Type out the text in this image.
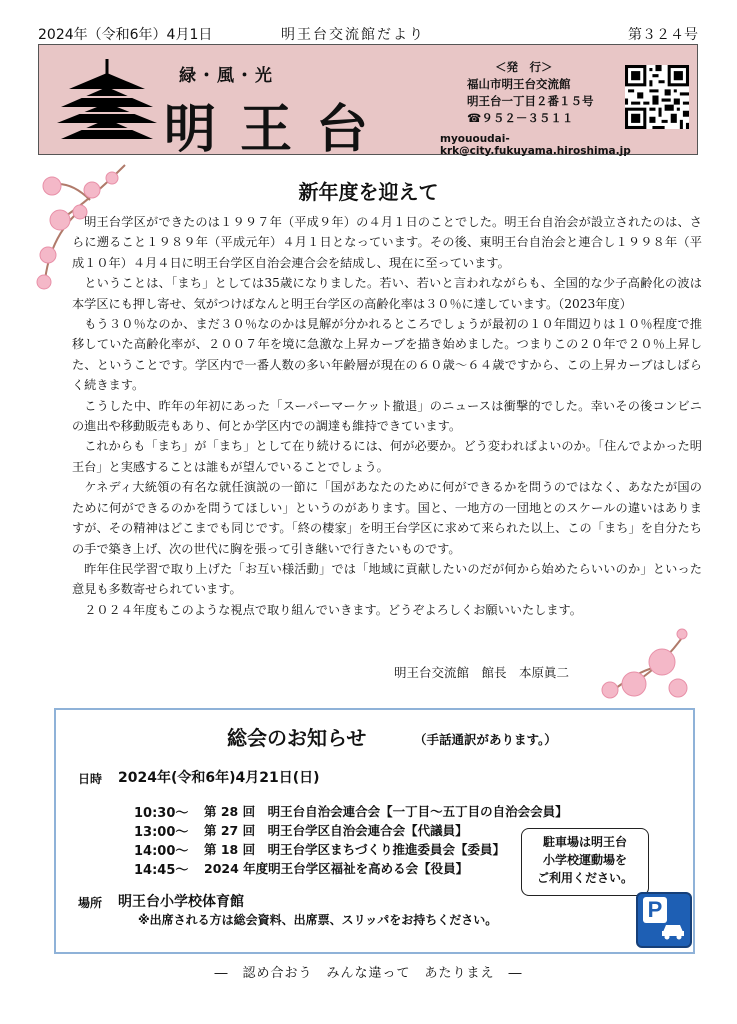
2024年（令和6年）4月1日	明王台交流館だより	第３２４号
緑・風・光
明王台
＜発　行＞
福山市明王台交流館
明王台一丁目２番１５号
☎９５２－３５１１
myououdai-krk@city.fukuyama.hiroshima.jp
新年度を迎えて

明王台学区ができたのは１９９７年（平成９年）の４月１日のことでした。明王台自治会が設立されたのは、さらに遡ること１９８９年（平成元年）４月１日となっています。その後、東明王台自治会と連合し１９９８年（平成１０年）４月４日に明王台学区自治会連合会を結成し、現在に至っています。

ということは、「まち」としては35歳になりました。若い、若いと言われながらも、全国的な少子高齢化の波は本学区にも押し寄せ、気がつけばなんと明王台学区の高齢化率は３０％に達しています。（2023年度）

もう３０％なのか、まだ３０％なのかは見解が分かれるところでしょうが最初の１０年間辺りは１０％程度で推移していた高齢化率が、２００７年を境に急激な上昇カーブを描き始めました。つまりこの２０年で２０％上昇した、ということです。学区内で一番人数の多い年齢層が現在の６０歳～６４歳ですから、この上昇カーブはしばらく続きます。

こうした中、昨年の年初にあった「スーパーマーケット撤退」のニュースは衝撃的でした。幸いその後コンビニの進出や移動販売もあり、何とか学区内での調達も維持できています。

これからも「まち」が「まち」として在り続けるには、何が必要か。どう変わればよいのか。「住んでよかった明王台」と実感することは誰もが望んでいることでしょう。

ケネディ大統領の有名な就任演説の一節に「国があなたのために何ができるかを問うのではなく、あなたが国のために何ができるのかを問うてほしい」というのがあります。国と、一地方の一団地とのスケールの違いはありますが、その精神はどこまでも同じです。「終の棲家」を明王台学区に求めて来られた以上、この「まち」を自分たちの手で築き上げ、次の世代に胸を張って引き継いで行きたいものです。

昨年住民学習で取り上げた「お互い様活動」では「地域に貢献したいのだが何から始めたらいいのか」といった意見も多数寄せられています。

２０２４年度もこのような視点で取り組んでいきます。どうぞよろしくお願いいたします。

明王台交流館　館長　本原眞二
総会のお知らせ	（手話通訳があります。）
日時 2024年(令和6年)4月21日(日)
10:30～ 第 28 回　明王台自治会連合会【一丁目～五丁目の自治会会員】
13:00～ 第 27 回　明王台学区自治会連合会【代議員】
14:00～ 第 18 回　明王台学区まちづくり推進委員会【委員】
14:45～ 2024 年度明王台学区福祉を高める会【役員】
場所 明王台小学校体育館
※出席される方は総会資料、出席票、スリッパをお持ちください。
駐車場は明王台
小学校運動場を
ご利用ください。
P
―　認め合おう　みんな違って　あたりまえ　―
